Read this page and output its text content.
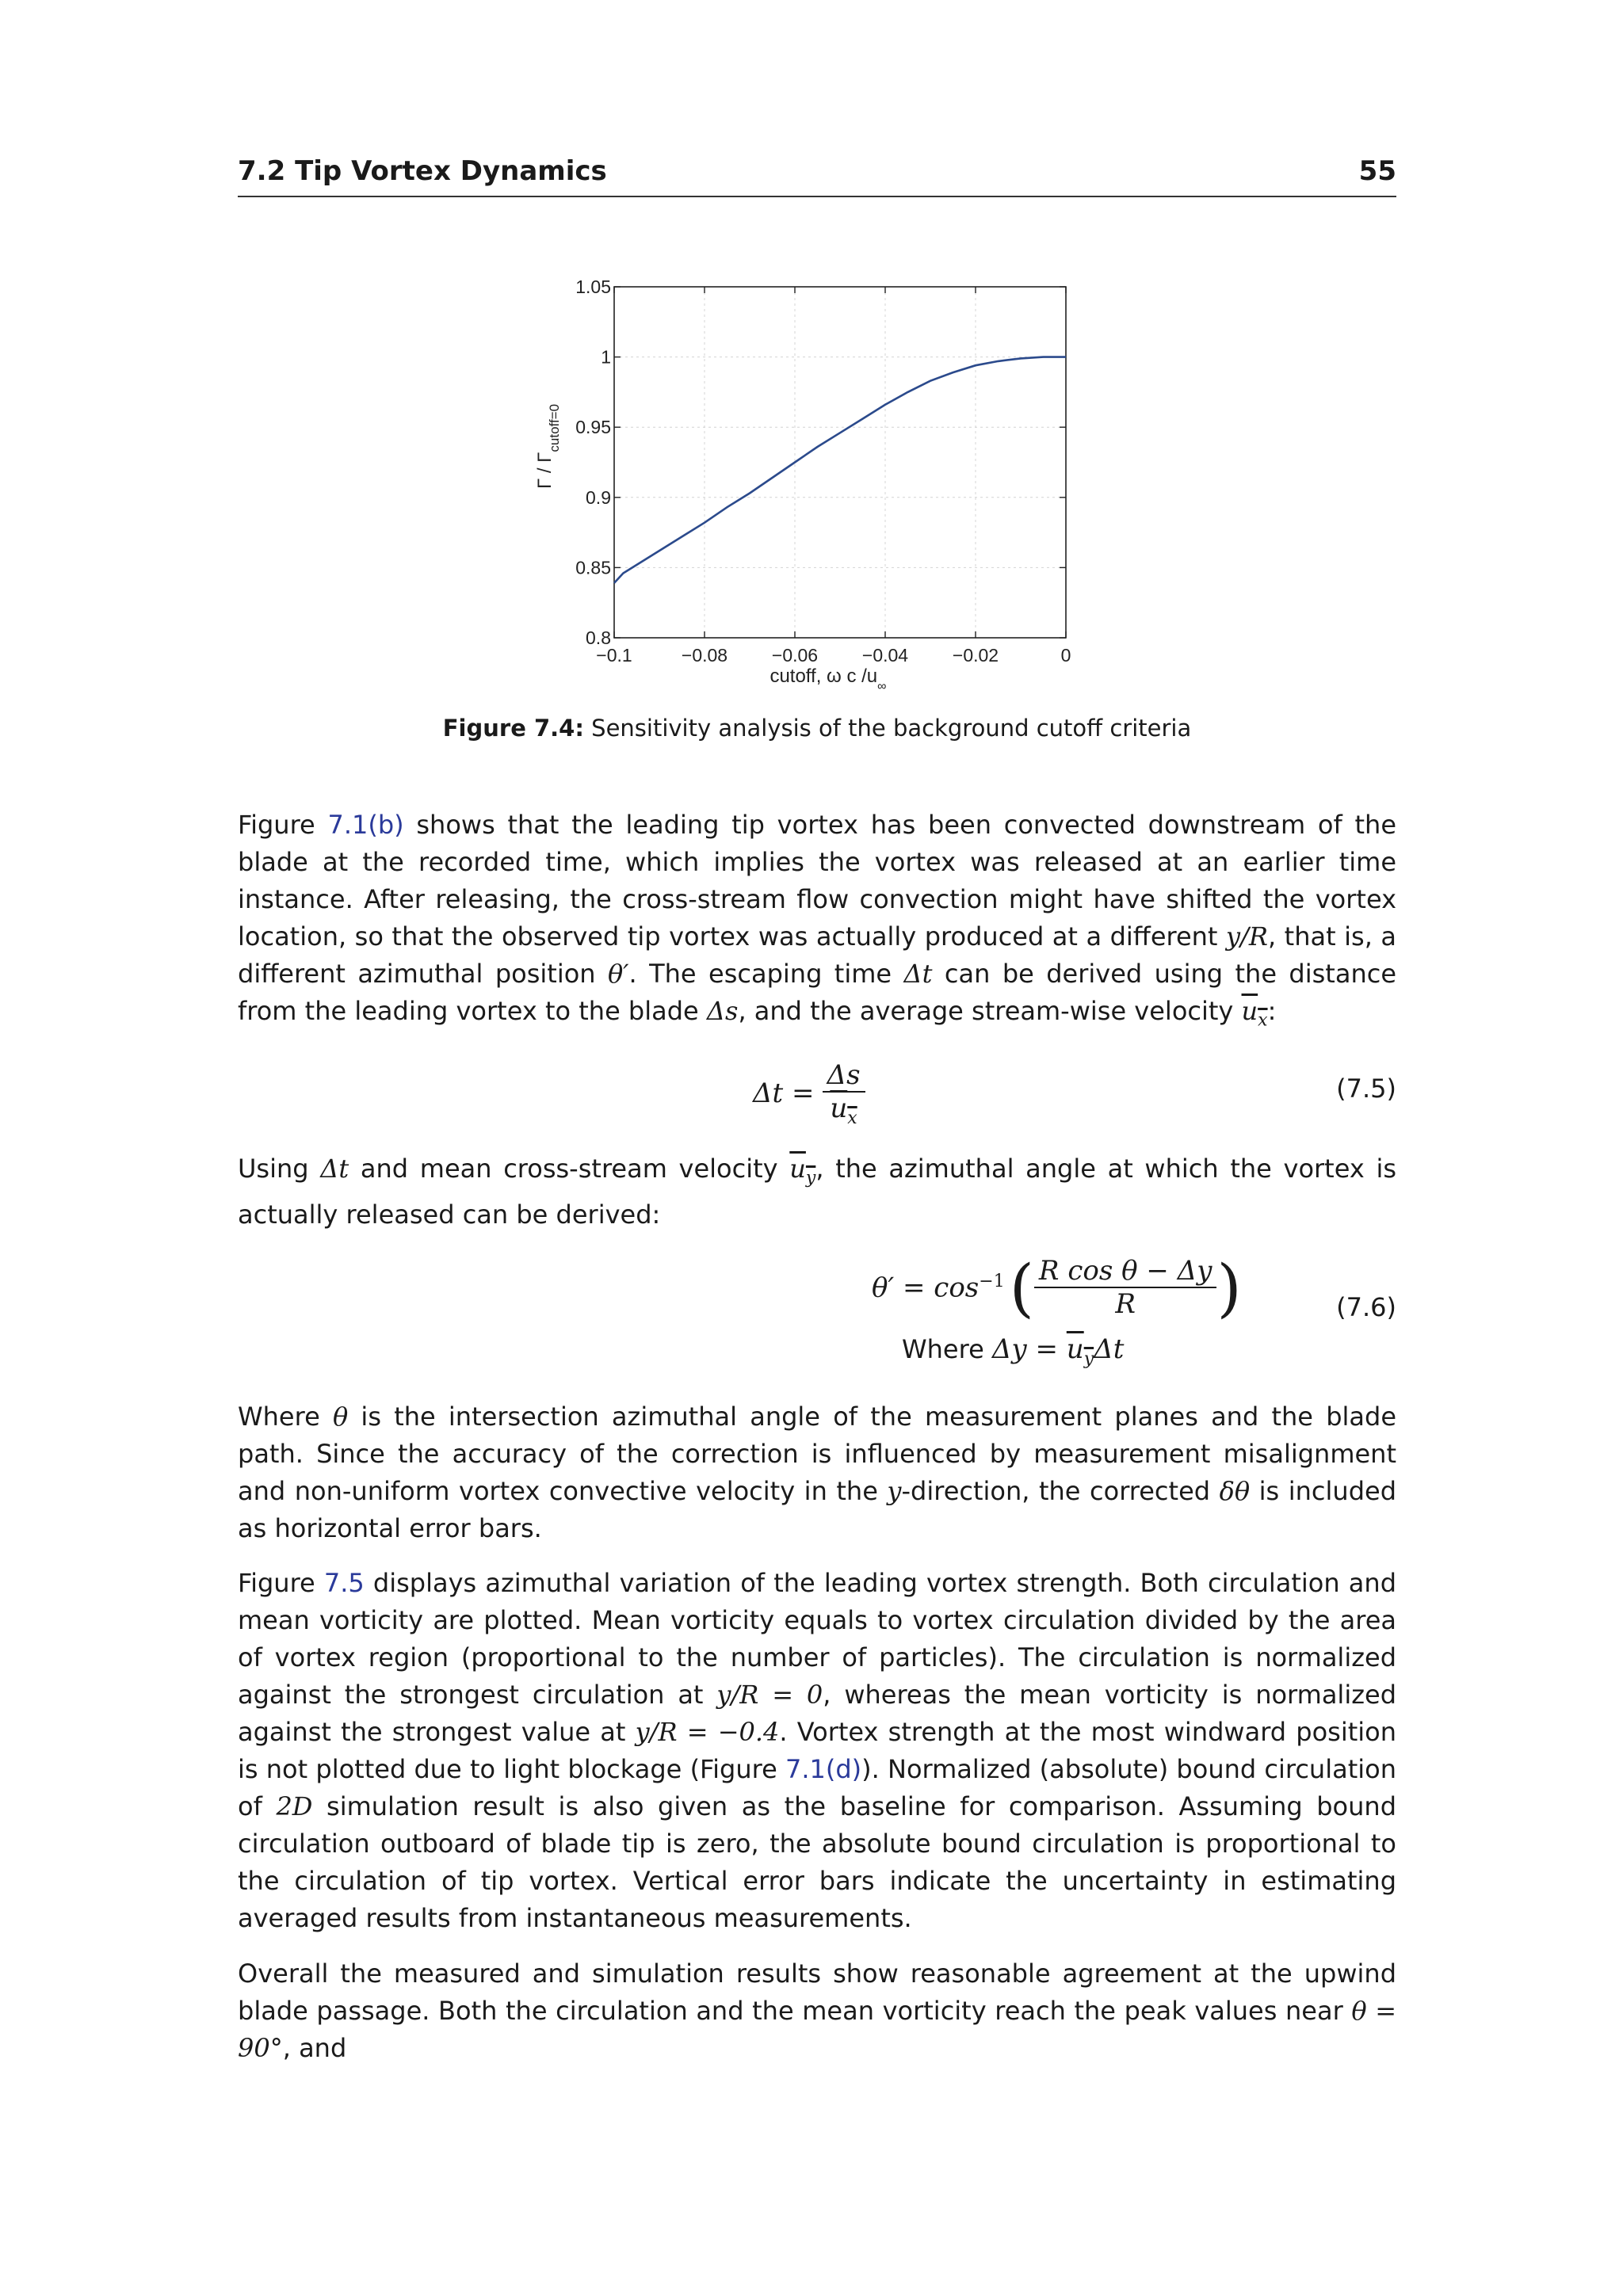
7.2 Tip Vortex Dynamics	55
−0.1	−0.08 −0.06 −0.04 −0.02	0
0.8
0.85
0.9
0.95
1
1.05
cutoff, ω c $/u_\infty$
Γ / $\Gamma_{cutoff=0}$
Figure 7.4: Sensitivity analysis of the background cutoff criteria
Figure 7.1(b) shows that the leading tip vortex has been convected downstream of the blade at the recorded time, which implies the vortex was released at an earlier time instance. After releasing, the cross-stream flow convection might have shifted the vortex location, so that the observed tip vortex was actually produced at a different y/R, that is, a different azimuthal position θ′. The escaping time Δt can be derived using the distance from the leading vortex to the blade Δs, and the average stream-wise velocity $u_x$:
$\Delta t = \frac{\Delta s}{u_x}$	(7.5)
Using Δt and mean cross-stream velocity $u_y$, the azimuthal angle at which the vortex is actually released can be derived:
$\theta' = \cos^{-1}$ ( $\frac{\text{R cos θ − Δy}}{R}$ )
Where $\Delta y = u_y\Delta t$
(7.6)
Where θ is the intersection azimuthal angle of the measurement planes and the blade path. Since the accuracy of the correction is influenced by measurement misalignment and non-uniform vortex convective velocity in the y-direction, the corrected δθ is included as horizontal error bars.
Figure 7.5 displays azimuthal variation of the leading vortex strength. Both circulation and mean vorticity are plotted. Mean vorticity equals to vortex circulation divided by the area of vortex region (proportional to the number of particles). The circulation is normalized against the strongest circulation at y/R = 0, whereas the mean vorticity is normalized against the strongest value at y/R = −0.4. Vortex strength at the most windward position is not plotted due to light blockage (Figure 7.1(d)). Normalized (absolute) bound circulation of 2D simulation result is also given as the baseline for comparison. Assuming bound circulation outboard of blade tip is zero, the absolute bound circulation is proportional to the circulation of tip vortex. Vertical error bars indicate the uncertainty in estimating averaged results from instantaneous measurements.
Overall the measured and simulation results show reasonable agreement at the upwind blade passage. Both the circulation and the mean vorticity reach the peak values near θ = 90°, and
